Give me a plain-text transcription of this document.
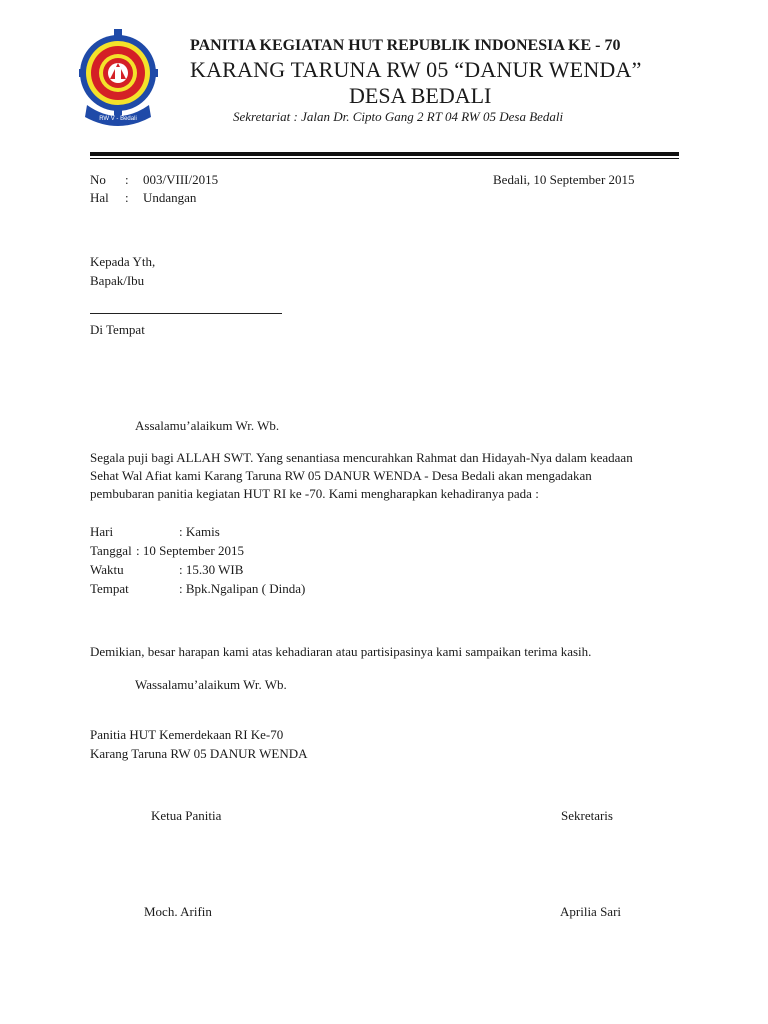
RW V - Bedali
PANITIA KEGIATAN HUT REPUBLIK INDONESIA KE - 70
KARANG TARUNA RW 05 “DANUR WENDA”
DESA BEDALI
Sekretariat : Jalan Dr. Cipto Gang 2 RT 04 RW 05 Desa Bedali
No : 003/VIII/2015
Hal : Undangan
Bedali, 10 September 2015
Kepada Yth,
Bapak/Ibu
Di Tempat
Assalamu’alaikum Wr. Wb.
Segala puji bagi ALLAH SWT. Yang senantiasa mencurahkan Rahmat dan Hidayah-Nya dalam keadaan
Sehat Wal Afiat kami Karang Taruna RW 05 DANUR WENDA - Desa Bedali akan mengadakan
pembubaran panitia kegiatan HUT RI ke -70. Kami mengharapkan kehadiranya pada :
Hari	: Kamis
Tanggal : 10 September 2015
Waktu	: 15.30 WIB
Tempat	: Bpk.Ngalipan ( Dinda)
Demikian, besar harapan kami atas kehadiaran atau partisipasinya kami sampaikan terima kasih.
Wassalamu’alaikum Wr. Wb.
Panitia HUT Kemerdekaan RI Ke-70
Karang Taruna RW 05 DANUR WENDA
Ketua Panitia	Sekretaris
Moch. Arifin	Aprilia Sari
